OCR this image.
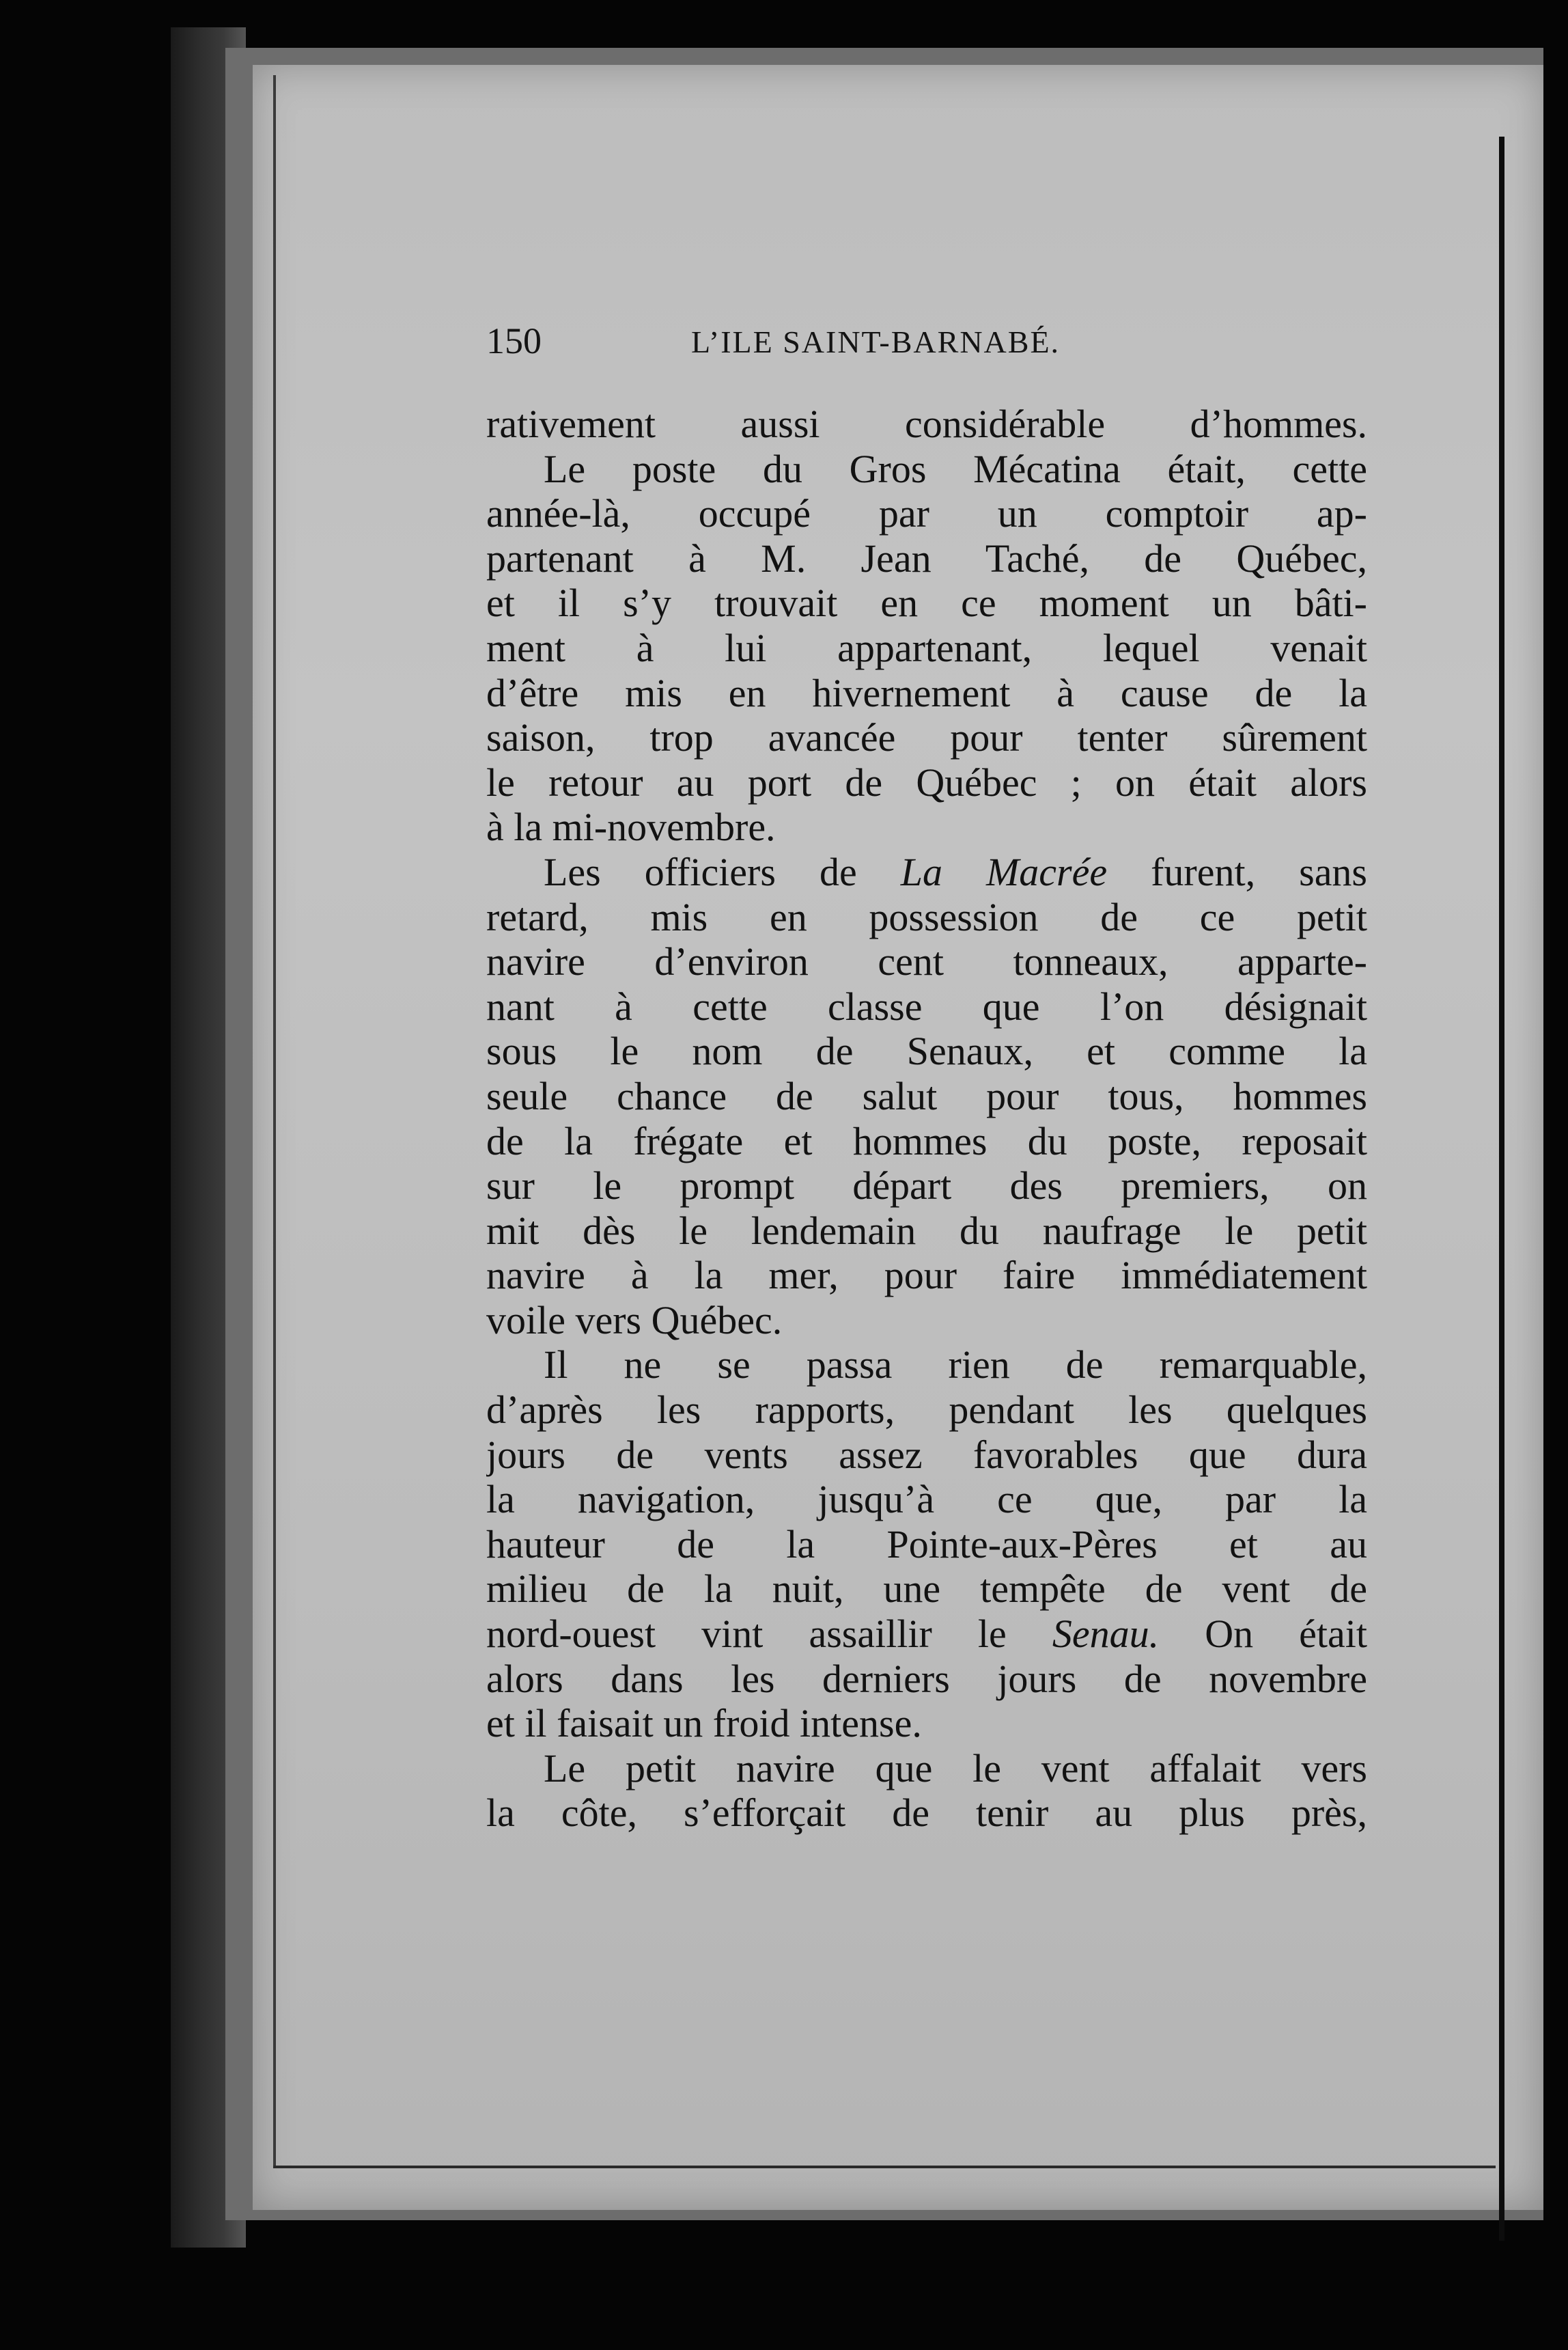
150	L’ILE SAINT-BARNABÉ.
rativement aussi considérable d’hommes.
Le poste du Gros Mécatina était, cette
année-là, occupé par un comptoir ap-
partenant à M. Jean Taché, de Québec,
et il s’y trouvait en ce moment un bâti-
ment à lui appartenant, lequel venait
d’être mis en hivernement à cause de la
saison, trop avancée pour tenter sûrement
le retour au port de Québec ; on était alors
à la mi-novembre.
Les officiers de La Macrée furent, sans
retard, mis en possession de ce petit
navire d’environ cent tonneaux, apparte-
nant à cette classe que l’on désignait
sous le nom de Senaux, et comme la
seule chance de salut pour tous, hommes
de la frégate et hommes du poste, reposait
sur le prompt départ des premiers, on
mit dès le lendemain du naufrage le petit
navire à la mer, pour faire immédiatement
voile vers Québec.
Il ne se passa rien de remarquable,
d’après les rapports, pendant les quelques
jours de vents assez favorables que dura
la navigation, jusqu’à ce que, par la
hauteur de la Pointe-aux-Pères et au
milieu de la nuit, une tempête de vent de
nord-ouest vint assaillir le Senau. On était
alors dans les derniers jours de novembre
et il faisait un froid intense.
Le petit navire que le vent affalait vers
la côte, s’efforçait de tenir au plus près,
